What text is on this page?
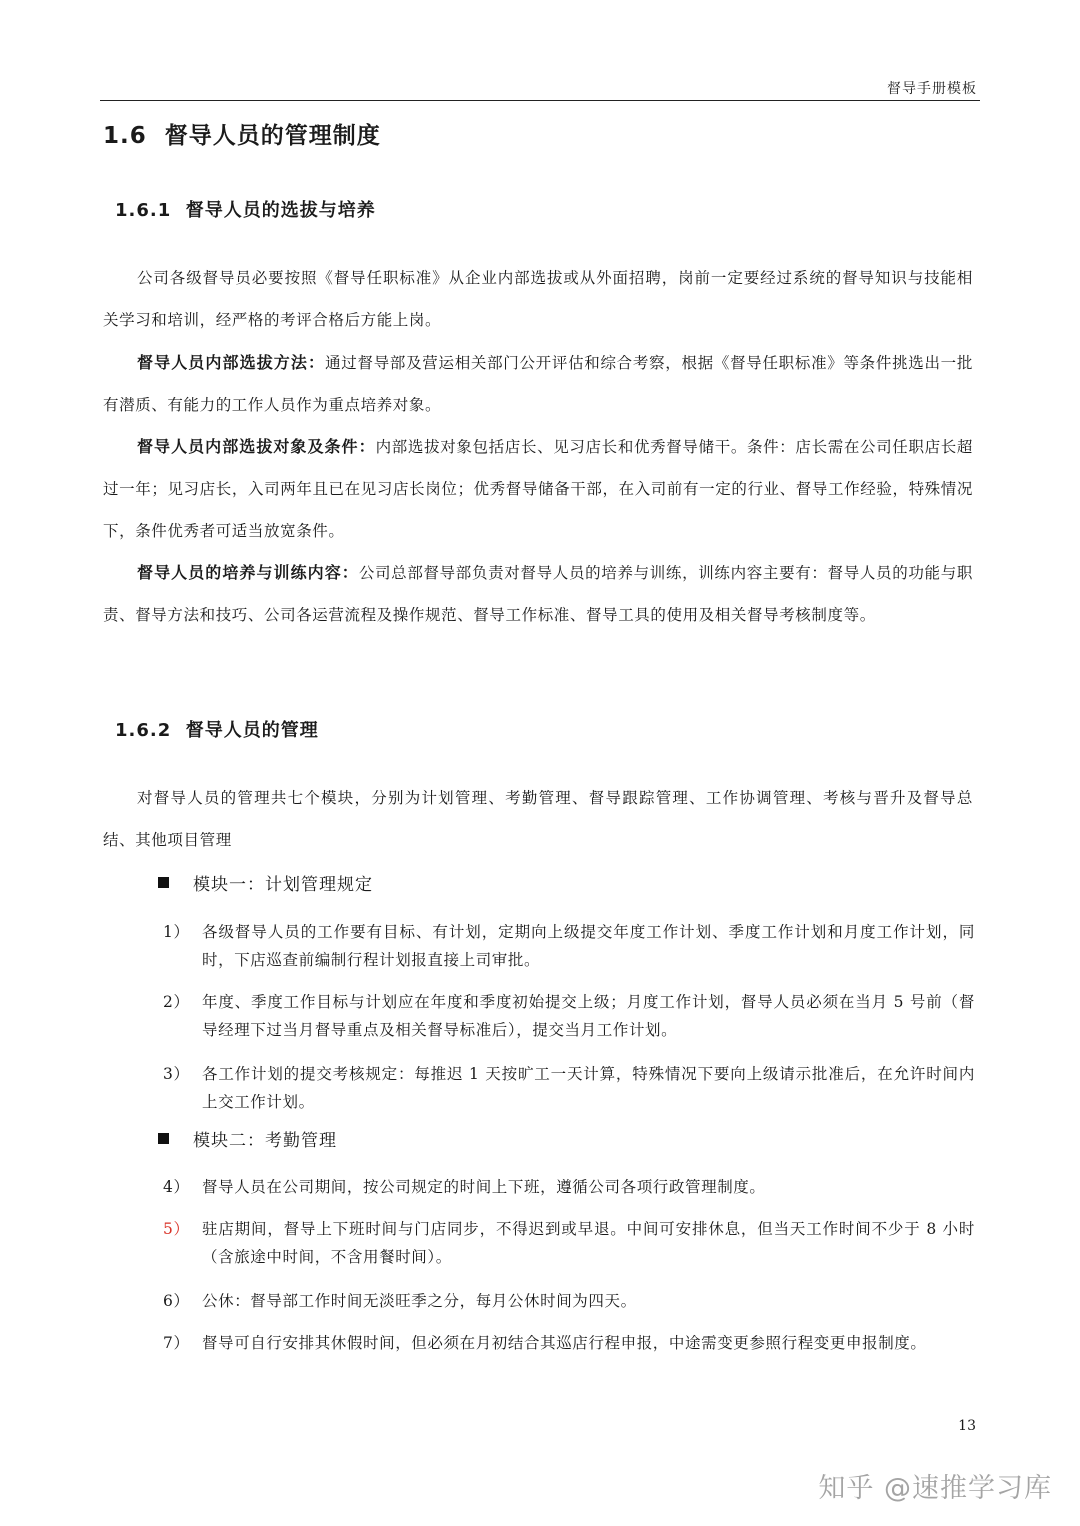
督导手册模板
1.6  督导人员的管理制度
1.6.1  督导人员的选拔与培养
公司各级督导员必要按照《督导任职标准》从企业内部选拔或从外面招聘，岗前一定要经过系统的督导知识与技能相关学习和培训，经严格的考评合格后方能上岗。
督导人员内部选拔方法：通过督导部及营运相关部门公开评估和综合考察，根据《督导任职标准》等条件挑选出一批有潜质、有能力的工作人员作为重点培养对象。
督导人员内部选拔对象及条件：内部选拔对象包括店长、见习店长和优秀督导储干。条件：店长需在公司任职店长超过一年；见习店长，入司两年且已在见习店长岗位；优秀督导储备干部，在入司前有一定的行业、督导工作经验，特殊情况下，条件优秀者可适当放宽条件。
督导人员的培养与训练内容：公司总部督导部负责对督导人员的培养与训练，训练内容主要有：督导人员的功能与职责、督导方法和技巧、公司各运营流程及操作规范、督导工作标准、督导工具的使用及相关督导考核制度等。
1.6.2  督导人员的管理
对督导人员的管理共七个模块，分别为计划管理、考勤管理、督导跟踪管理、工作协调管理、考核与晋升及督导总结、其他项目管理
模块一：计划管理规定
1） 各级督导人员的工作要有目标、有计划，定期向上级提交年度工作计划、季度工作计划和月度工作计划，同时，下店巡查前编制行程计划报直接上司审批。
2） 年度、季度工作目标与计划应在年度和季度初始提交上级；月度工作计划，督导人员必须在当月 5 号前（督导经理下过当月督导重点及相关督导标准后），提交当月工作计划。
3） 各工作计划的提交考核规定：每推迟 1 天按旷工一天计算，特殊情况下要向上级请示批准后，在允许时间内上交工作计划。
模块二：考勤管理
4） 督导人员在公司期间，按公司规定的时间上下班，遵循公司各项行政管理制度。
5） 驻店期间，督导上下班时间与门店同步，不得迟到或早退。中间可安排休息，但当天工作时间不少于 8 小时（含旅途中时间，不含用餐时间）。
6） 公休：督导部工作时间无淡旺季之分，每月公休时间为四天。
7） 督导可自行安排其休假时间，但必须在月初结合其巡店行程申报，中途需变更参照行程变更申报制度。
13
知乎 @速推学习库
